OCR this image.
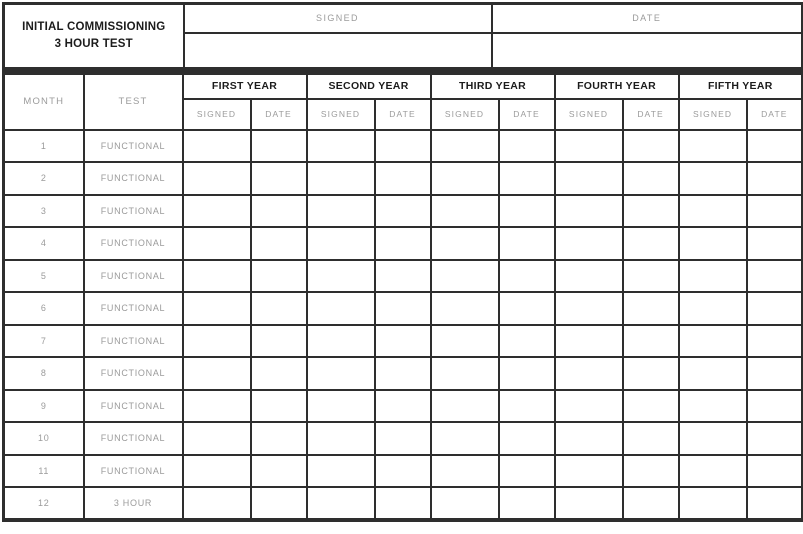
INITIAL COMMISSIONING
3 HOUR TEST	SIGNED	DATE

MONTH	TEST	FIRST YEAR		SECOND YEAR		THIRD YEAR		FOURTH YEAR		FIFTH YEAR	
		SIGNED	DATE	SIGNED	DATE	SIGNED	DATE	SIGNED	DATE	SIGNED	DATE
1	FUNCTIONAL										
2	FUNCTIONAL										
3	FUNCTIONAL										
4	FUNCTIONAL										
5	FUNCTIONAL										
6	FUNCTIONAL										
7	FUNCTIONAL										
8	FUNCTIONAL										
9	FUNCTIONAL										
10	FUNCTIONAL										
11	FUNCTIONAL										
12	3 HOUR										
